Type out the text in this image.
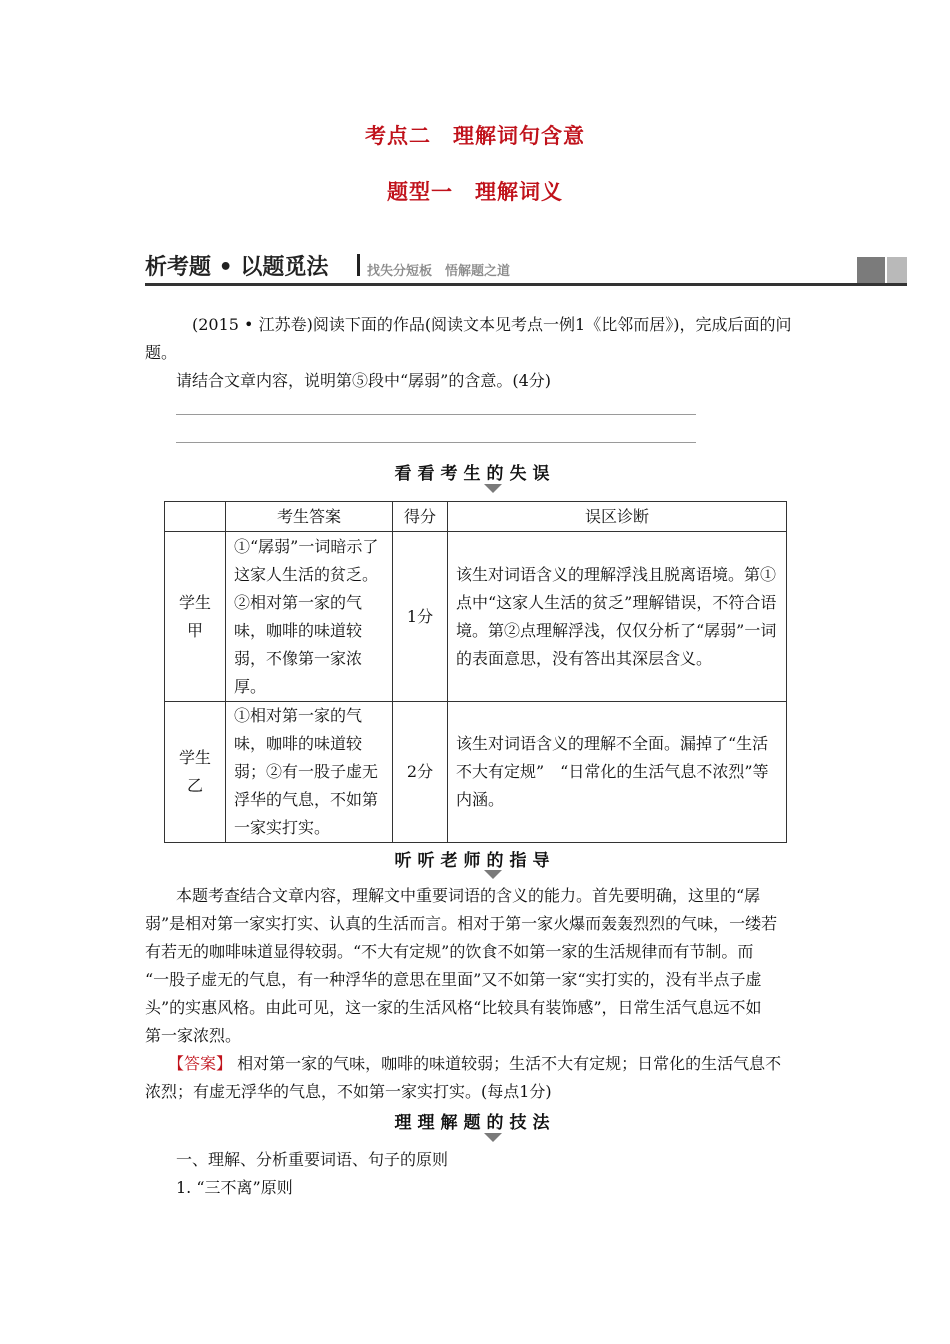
考点二　理解词句含意
题型一　理解词义
析考题 • 以题觅法	找失分短板　悟解题之道
(2015 • 江苏卷)阅读下面的作品(阅读文本见考点一例1《比邻而居》)，完成后面的问
题。
请结合文章内容，说明第⑤段中“孱弱”的含意。(4分)
看看考生的失误
	考生答案	得分	误区诊断
学生甲	①“孱弱”一词暗示了这家人生活的贫乏。②相对第一家的气味，咖啡的味道较弱，不像第一家浓厚。	1分	该生对词语含义的理解浮浅且脱离语境。第①点中“这家人生活的贫乏”理解错误，不符合语境。第②点理解浮浅，仅仅分析了“孱弱”一词的表面意思，没有答出其深层含义。
学生乙	①相对第一家的气味，咖啡的味道较弱；②有一股子虚无浮华的气息，不如第一家实打实。	2分	该生对词语含义的理解不全面。漏掉了“生活不大有定规”　“日常化的生活气息不浓烈”等内涵。
听听老师的指导
本题考查结合文章内容，理解文中重要词语的含义的能力。首先要明确，这里的“孱
弱”是相对第一家实打实、认真的生活而言。相对于第一家火爆而轰轰烈烈的气味，一缕若
有若无的咖啡味道显得较弱。“不大有定规”的饮食不如第一家的生活规律而有节制。而
“一股子虚无的气息，有一种浮华的意思在里面”又不如第一家“实打实的，没有半点子虚
头”的实惠风格。由此可见，这一家的生活风格“比较具有装饰感”，日常生活气息远不如
第一家浓烈。
【答案】 相对第一家的气味，咖啡的味道较弱；生活不大有定规；日常化的生活气息不
浓烈；有虚无浮华的气息，不如第一家实打实。(每点1分)
理理解题的技法
一、理解、分析重要词语、句子的原则
1. “三不离”原则
